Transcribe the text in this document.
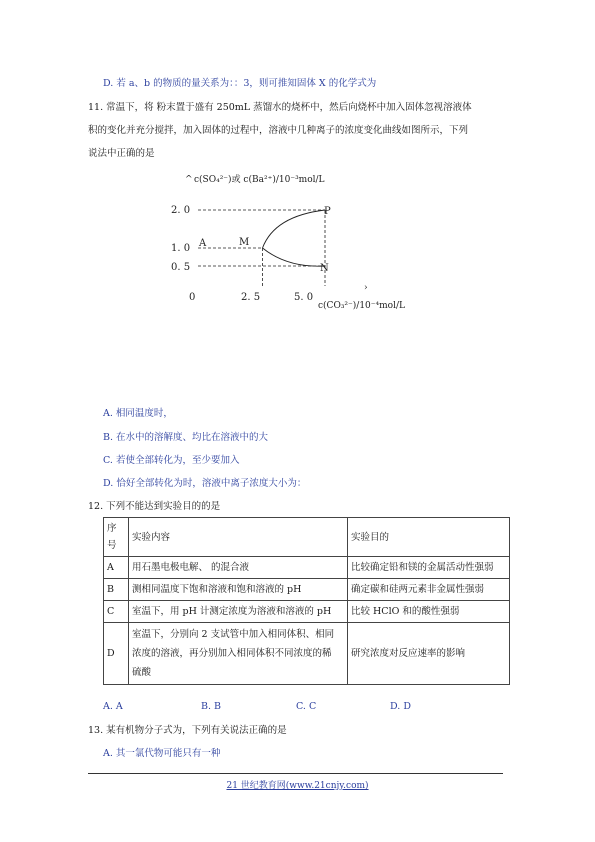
D. 若 a、b 的物质的量关系为：：3，则可推知固体 X 的化学式为
11. 常温下，将 粉末置于盛有 250mL 蒸馏水的烧杯中，然后向烧杯中加入固体忽视溶液体
积的变化并充分搅拌，加入固体的过程中，溶液中几种离子的浓度变化曲线如图所示，下列
说法中正确的是
^ c(SO₄²⁻)或 c(Ba²⁺)/10⁻³mol/L
2. 0
1. 0
0. 5
A	M
P
N
0	2. 5	5. 0
›
c(CO₃²⁻)/10⁻⁴mol/L
A. 相同温度时，
B. 在水中的溶解度、均比在溶液中的大
C. 若使全部转化为，至少要加入
D. 恰好全部转化为时，溶液中离子浓度大小为：
12. 下列不能达到实验目的的是
序号	实验内容	实验目的
A	用石墨电极电解、 的混合液	比较确定铅和镁的金属活动性强弱
B	测相同温度下饱和溶液和饱和溶液的 pH	确定碳和硅两元素非金属性强弱
C	室温下，用 pH 计测定浓度为溶液和溶液的 pH	比较 HClO 和的酸性强弱
D	室温下，分别向 2 支试管中加入相同体积、相同
浓度的溶液，再分别加入相同体积不同浓度的稀
硫酸	研究浓度对反应速率的影响
A. A	B. B	C. C	D. D
13. 某有机物分子式为，下列有关说法正确的是
A. 其一氯代物可能只有一种
21 世纪教育网(www.21cnjy.com)
